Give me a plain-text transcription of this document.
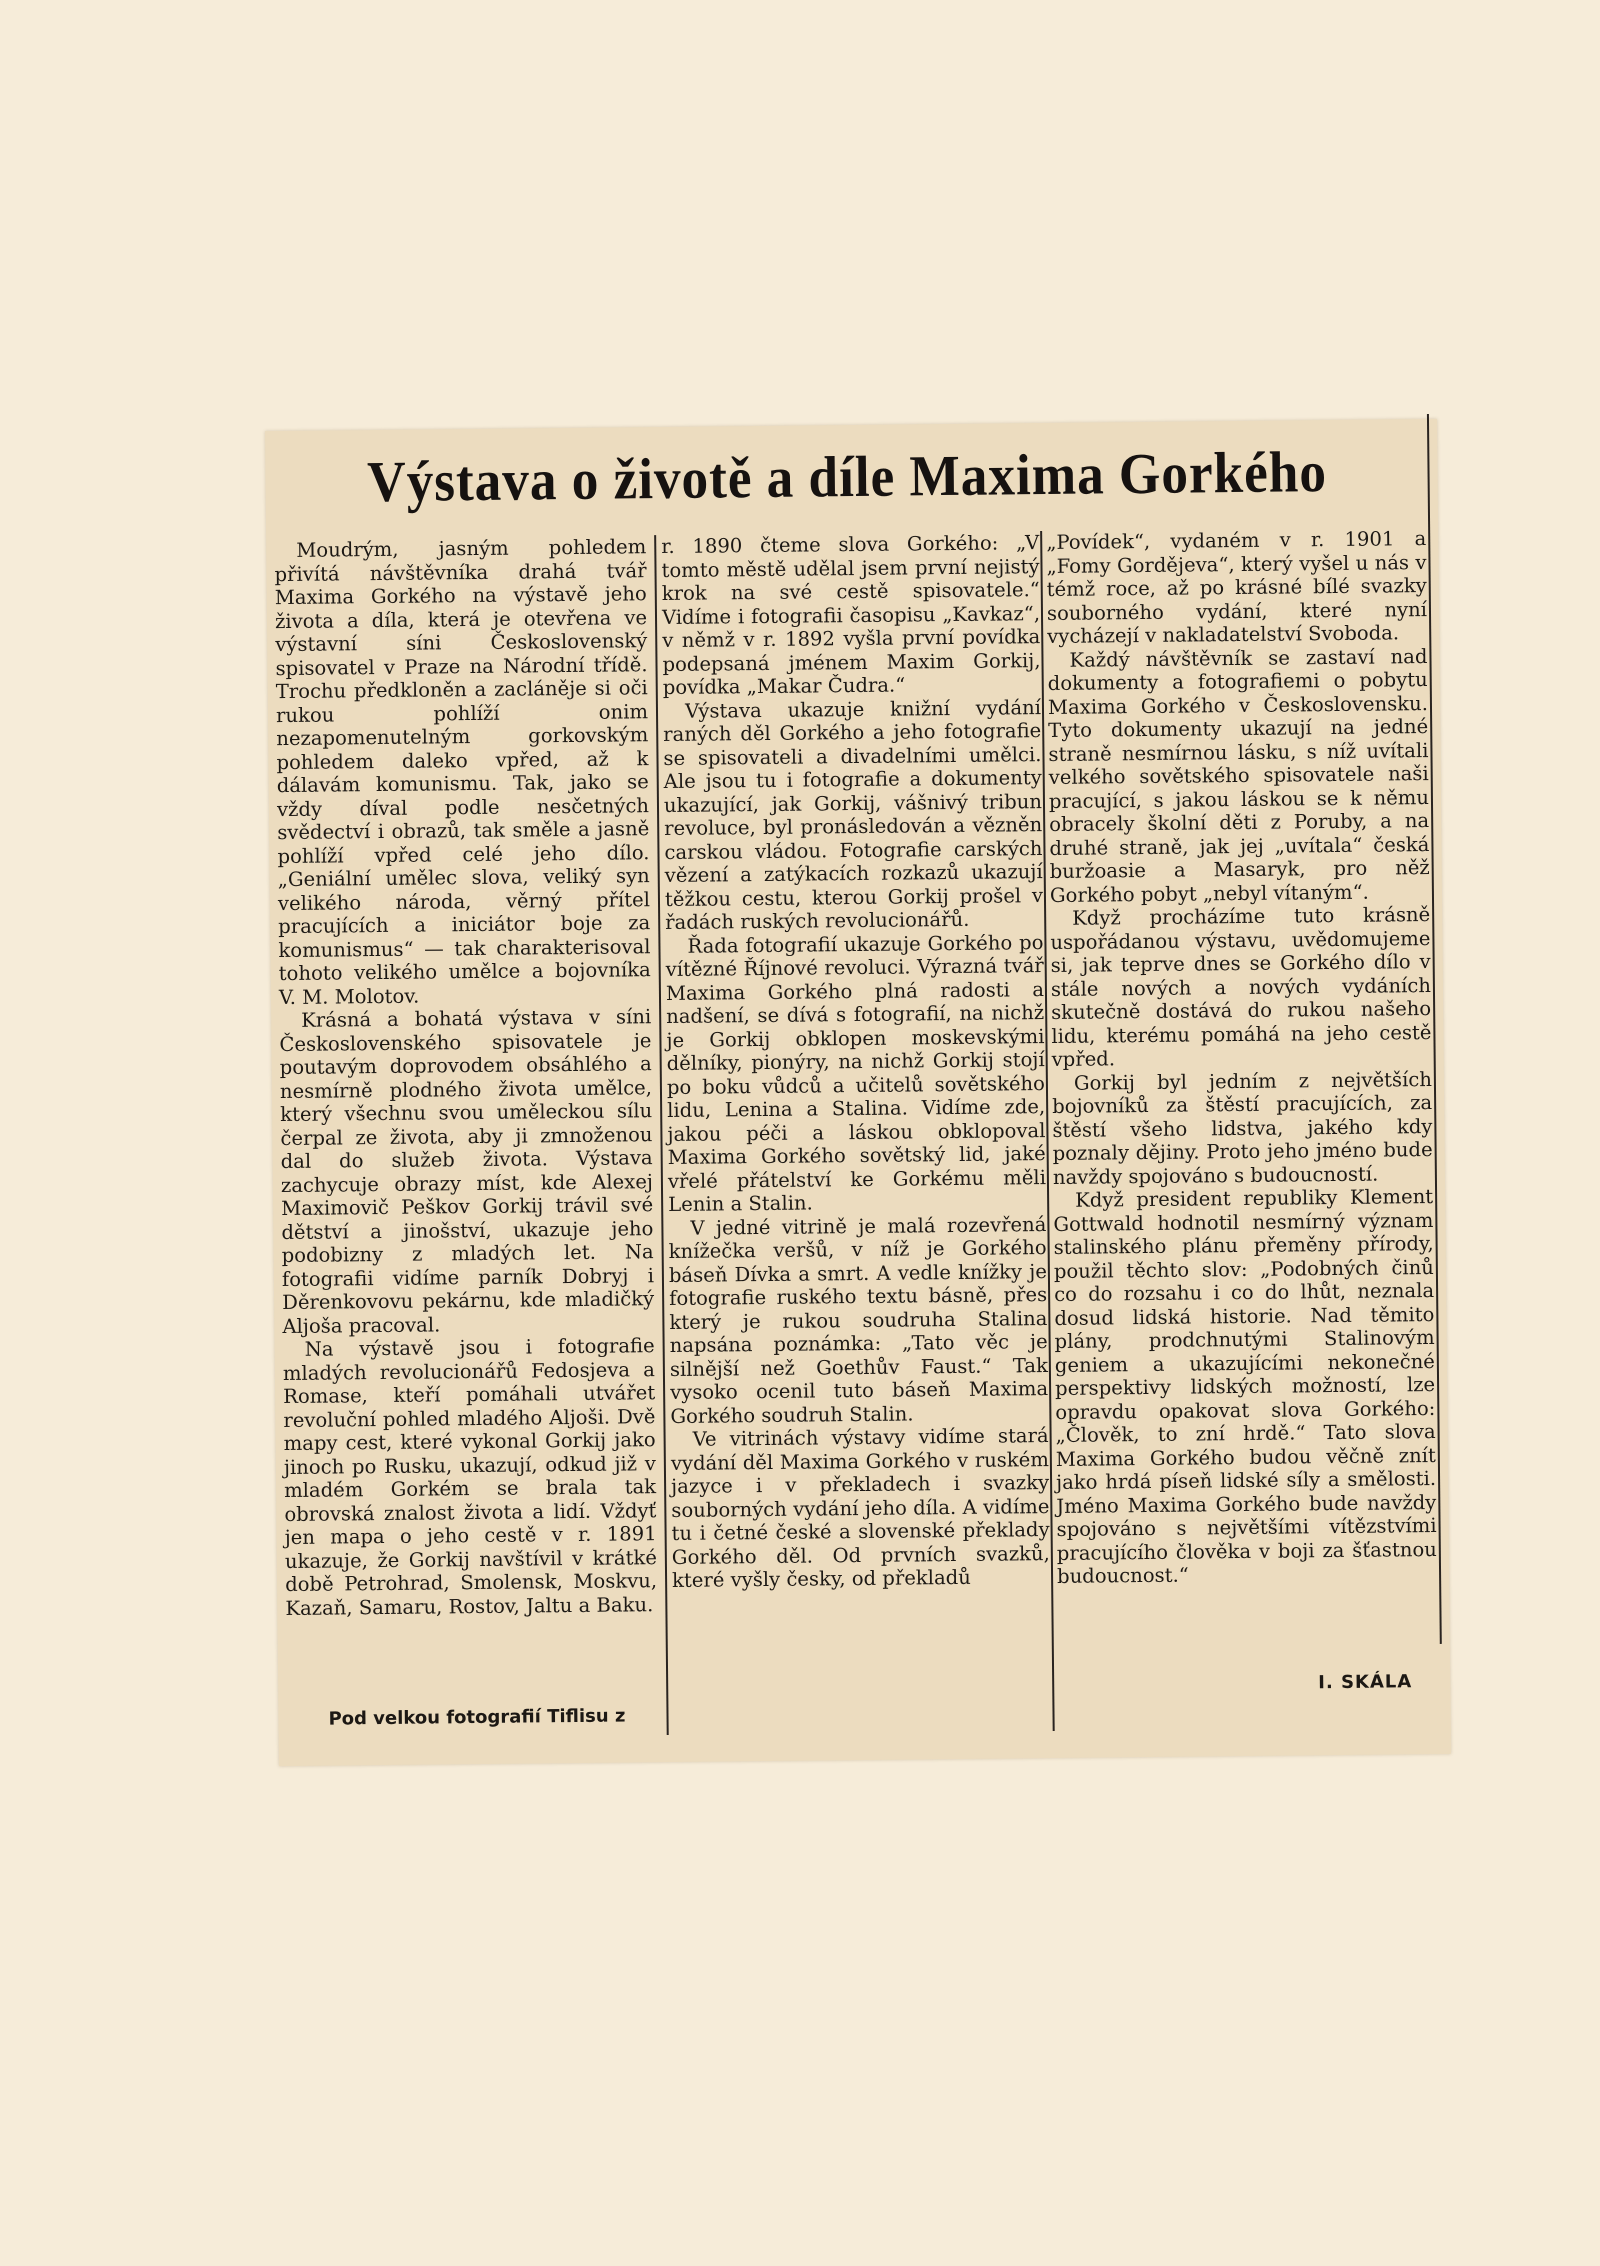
Výstava o životě a díle Maxima Gorkého

Moudrým, jasným pohledem přivítá návštěvníka drahá tvář Maxima Gorkého na výstavě jeho života a díla, která je otevřena ve výstavní síni Československý spisovatel v Praze na Národní třídě. Trochu předkloněn a zacláněje si oči rukou pohlíží onim nezapomenutelným gorkovským pohledem daleko vpřed, až k dálavám komunismu. Tak, jako se vždy díval podle nesčetných svědectví i obrazů, tak směle a jasně pohlíží vpřed celé jeho dílo. „Geniální umělec slova, veliký syn velikého národa, věrný přítel pracujících a iniciátor boje za komunismus“ — tak charakterisoval tohoto velikého umělce a bojovníka V. M. Molotov.

Krásná a bohatá výstava v síni Československého spisovatele je poutavým doprovodem obsáhlého a nesmírně plodného života umělce, který všechnu svou uměleckou sílu čerpal ze života, aby ji zmnoženou dal do služeb života. Výstava zachycuje obrazy míst, kde Alexej Maximovič Peškov Gorkij trávil své dětství a jinošství, ukazuje jeho podobizny z mladých let. Na fotografii vidíme parník Dobryj i Děrenkovovu pekárnu, kde mladičký Aljoša pracoval.

Na výstavě jsou i fotografie mladých revolucionářů Fedosjeva a Romase, kteří pomáhali utvářet revoluční pohled mladého Aljoši. Dvě mapy cest, které vykonal Gorkij jako jinoch po Rusku, ukazují, odkud již v mladém Gorkém se brala tak obrovská znalost života a lidí. Vždyť jen mapa o jeho cestě v r. 1891 ukazuje, že Gorkij navštívil v krátké době Petrohrad, Smolensk, Moskvu, Kazaň, Samaru, Rostov, Jaltu a Baku.

Pod velkou fotografií Tiflisu z

r. 1890 čteme slova Gorkého: „V tomto městě udělal jsem první nejistý krok na své cestě spisovatele.“ Vidíme i fotografii časopisu „Kavkaz“, v němž v r. 1892 vyšla první povídka podepsaná jménem Maxim Gorkij, povídka „Makar Čudra.“

Výstava ukazuje knižní vydání raných děl Gorkého a jeho fotografie se spisovateli a divadelními umělci. Ale jsou tu i fotografie a dokumenty ukazující, jak Gorkij, vášnivý tribun revoluce, byl pronásledován a vězněn carskou vládou. Fotografie carských vězení a zatýkacích rozkazů ukazují těžkou cestu, kterou Gorkij prošel v řadách ruských revolucionářů.

Řada fotografií ukazuje Gorkého po vítězné Říjnové revoluci. Výrazná tvář Maxima Gorkého plná radosti a nadšení, se dívá s fotografií, na nichž je Gorkij obklopen moskevskými dělníky, pionýry, na nichž Gorkij stojí po boku vůdců a učitelů sovětského lidu, Lenina a Stalina. Vidíme zde, jakou péči a láskou obklopoval Maxima Gorkého sovětský lid, jaké vřelé přátelství ke Gorkému měli Lenin a Stalin.

V jedné vitrině je malá rozevřená knížečka veršů, v níž je Gorkého báseň Dívka a smrt. A vedle knížky je fotografie ruského textu básně, přes který je rukou soudruha Stalina napsána poznámka: „Tato věc je silnější než Goethův Faust.“ Tak vysoko ocenil tuto báseň Maxima Gorkého soudruh Stalin.

Ve vitrinách výstavy vidíme stará vydání děl Maxima Gorkého v ruském jazyce i v překladech i svazky souborných vydání jeho díla. A vidíme tu i četné české a slovenské překlady Gorkého děl. Od prvních svazků, které vyšly česky, od překladů

„Povídek“, vydaném v r. 1901 a „Fomy Gordějeva“, který vyšel u nás v témž roce, až po krásné bílé svazky souborného vydání, které nyní vycházejí v nakladatelství Svoboda.

Každý návštěvník se zastaví nad dokumenty a fotografiemi o pobytu Maxima Gorkého v Československu. Tyto dokumenty ukazují na jedné straně nesmírnou lásku, s níž uvítali velkého sovětského spisovatele naši pracující, s jakou láskou se k němu obracely školní děti z Poruby, a na druhé straně, jak jej „uvítala“ česká buržoasie a Masaryk, pro něž Gorkého pobyt „nebyl vítaným“.

Když procházíme tuto krásně uspořádanou výstavu, uvědomujeme si, jak teprve dnes se Gorkého dílo v stále nových a nových vydáních skutečně dostává do rukou našeho lidu, kterému pomáhá na jeho cestě vpřed.

Gorkij byl jedním z největších bojovníků za štěstí pracujících, za štěstí všeho lidstva, jakého kdy poznaly dějiny. Proto jeho jméno bude navždy spojováno s budoucností.

Když president republiky Klement Gottwald hodnotil nesmírný význam stalinského plánu přeměny přírody, použil těchto slov: „Podobných činů co do rozsahu i co do lhůt, neznala dosud lidská historie. Nad těmito plány, prodchnutými Stalinovým geniem a ukazujícími nekonečné perspektivy lidských možností, lze opravdu opakovat slova Gorkého: „Člověk, to zní hrdě.“ Tato slova Maxima Gorkého budou věčně znít jako hrdá píseň lidské síly a smělosti. Jméno Maxima Gorkého bude navždy spojováno s největšími vítězstvími pracujícího člověka v boji za šťastnou budoucnost.“

I. SKÁLA
